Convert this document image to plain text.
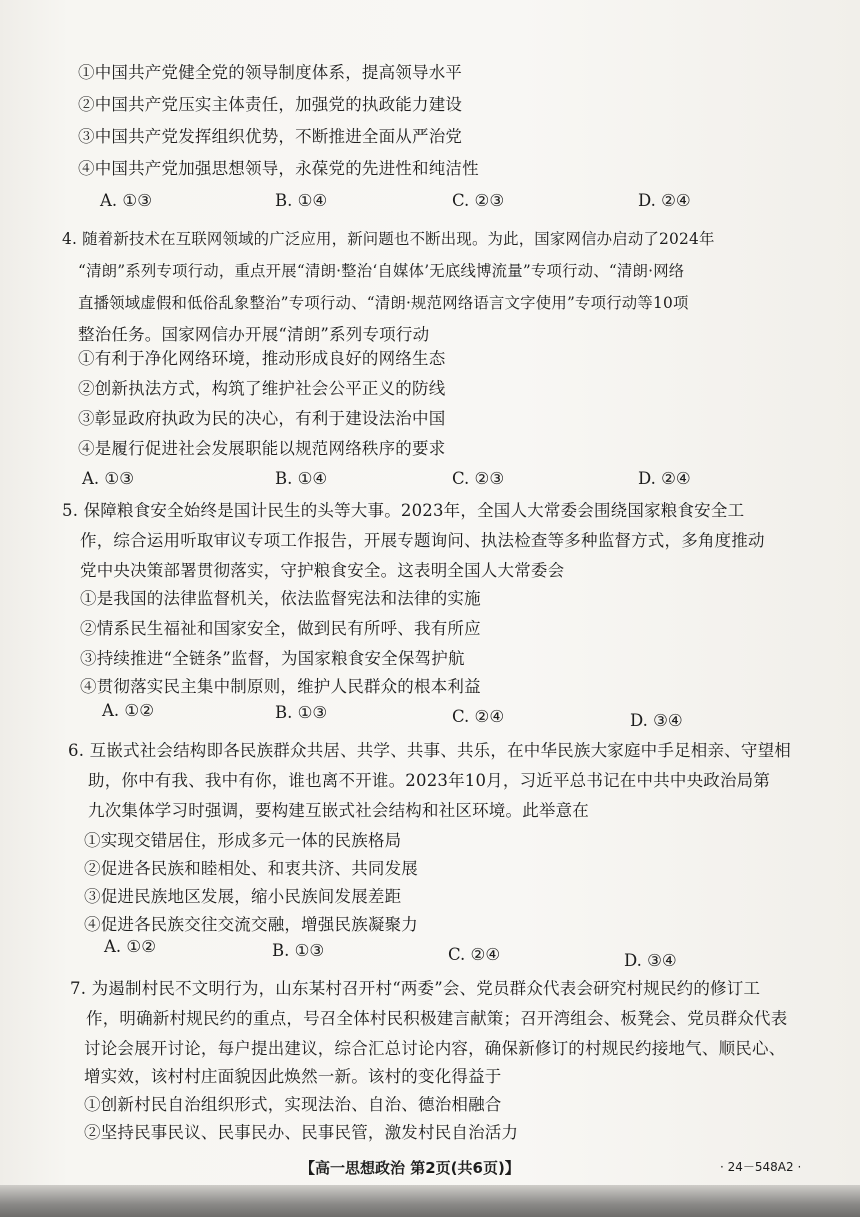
①中国共产党健全党的领导制度体系，提高领导水平
②中国共产党压实主体责任，加强党的执政能力建设
③中国共产党发挥组织优势，不断推进全面从严治党
④中国共产党加强思想领导，永葆党的先进性和纯洁性
A. ①③	B. ①④	C. ②③	D. ②④
4. 随着新技术在互联网领域的广泛应用，新问题也不断出现。为此，国家网信办启动了2024年
“清朗”系列专项行动，重点开展“清朗·整治‘自媒体’无底线博流量”专项行动、“清朗·网络
直播领域虚假和低俗乱象整治”专项行动、“清朗·规范网络语言文字使用”专项行动等10项
整治任务。国家网信办开展“清朗”系列专项行动
①有利于净化网络环境，推动形成良好的网络生态
②创新执法方式，构筑了维护社会公平正义的防线
③彰显政府执政为民的决心，有利于建设法治中国
④是履行促进社会发展职能以规范网络秩序的要求
A. ①③	B. ①④	C. ②③	D. ②④
5. 保障粮食安全始终是国计民生的头等大事。2023年，全国人大常委会围绕国家粮食安全工
作，综合运用听取审议专项工作报告，开展专题询问、执法检查等多种监督方式，多角度推动
党中央决策部署贯彻落实，守护粮食安全。这表明全国人大常委会
①是我国的法律监督机关，依法监督宪法和法律的实施
②情系民生福祉和国家安全，做到民有所呼、我有所应
③持续推进“全链条”监督，为国家粮食安全保驾护航
④贯彻落实民主集中制原则，维护人民群众的根本利益
A. ①②	B. ①③	C. ②④	D. ③④
6. 互嵌式社会结构即各民族群众共居、共学、共事、共乐，在中华民族大家庭中手足相亲、守望相
助，你中有我、我中有你，谁也离不开谁。2023年10月，习近平总书记在中共中央政治局第
九次集体学习时强调，要构建互嵌式社会结构和社区环境。此举意在
①实现交错居住，形成多元一体的民族格局
②促进各民族和睦相处、和衷共济、共同发展
③促进民族地区发展，缩小民族间发展差距
④促进各民族交往交流交融，增强民族凝聚力
A. ①②	B. ①③	C. ②④	D. ③④
7. 为遏制村民不文明行为，山东某村召开村“两委”会、党员群众代表会研究村规民约的修订工
作，明确新村规民约的重点，号召全体村民积极建言献策；召开湾组会、板凳会、党员群众代表
讨论会展开讨论，每户提出建议，综合汇总讨论内容，确保新修订的村规民约接地气、顺民心、
增实效，该村村庄面貌因此焕然一新。该村的变化得益于
①创新村民自治组织形式，实现法治、自治、德治相融合
②坚持民事民议、民事民办、民事民管，激发村民自治活力
【高一思想政治 第2页(共6页)】	· 24－548A2 ·
